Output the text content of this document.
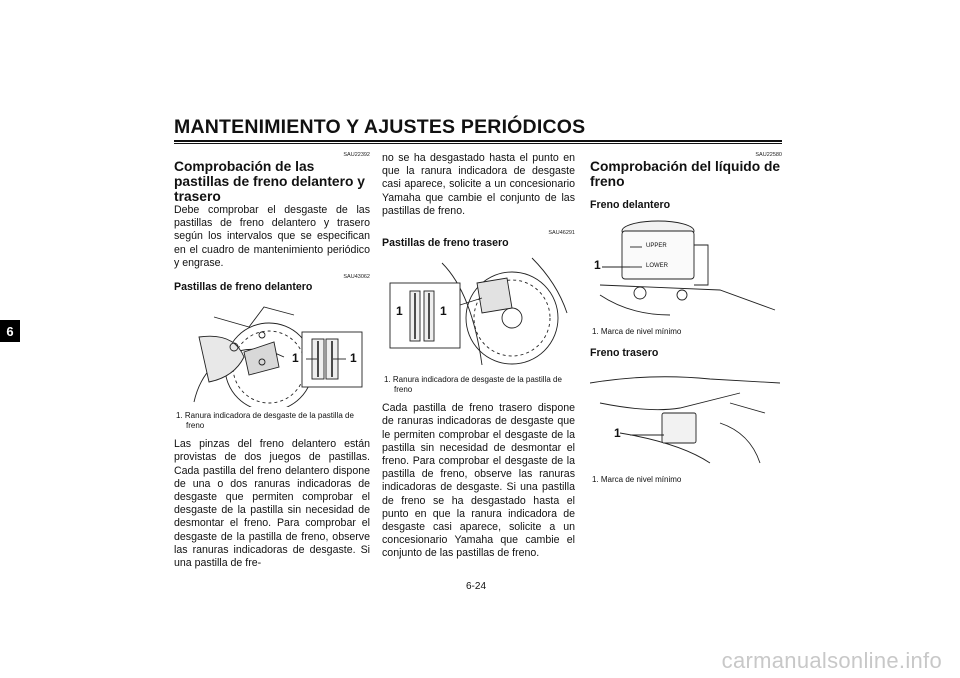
MANTENIMIENTO Y AJUSTES PERIÓDICOS
6
SAU22392
Comprobación de las pastillas de freno delantero y trasero

Debe comprobar el desgaste de las pastillas de freno delantero y trasero según los intervalos que se especifican en el cuadro de mantenimiento periódico y engrase.

SAU43062
Pastillas de freno delantero
1	1
1. Ranura indicadora de desgaste de la pastilla de freno

Las pinzas del freno delantero están provistas de dos juegos de pastillas. Cada pastilla del freno delantero dispone de una o dos ranuras indicadoras de desgaste que permiten comprobar el desgaste de la pastilla sin necesidad de desmontar el freno. Para comprobar el desgaste de la pastilla de freno, observe las ranuras indicadoras de desgaste. Si una pastilla de fre-

no se ha desgastado hasta el punto en que la ranura indicadora de desgaste casi aparece, solicite a un concesionario Yamaha que cambie el conjunto de las pastillas de freno.

SAU46291
Pastillas de freno trasero
1	1
1. Ranura indicadora de desgaste de la pastilla de freno

Cada pastilla de freno trasero dispone de ranuras indicadoras de desgaste que le permiten comprobar el desgaste de la pastilla sin necesidad de desmontar el freno. Para comprobar el desgaste de la pastilla de freno, observe las ranuras indicadoras de desgaste. Si una pastilla de freno se ha desgastado hasta el punto en que la ranura indicadora de desgaste casi aparece, solicite a un concesionario Yamaha que cambie el conjunto de las pastillas de freno.

SAU22580
Comprobación del líquido de freno
Freno delantero
UPPER
LOWER
1
1. Marca de nivel mínimo
Freno trasero
1
1. Marca de nivel mínimo
6-24
carmanualsonline.info
